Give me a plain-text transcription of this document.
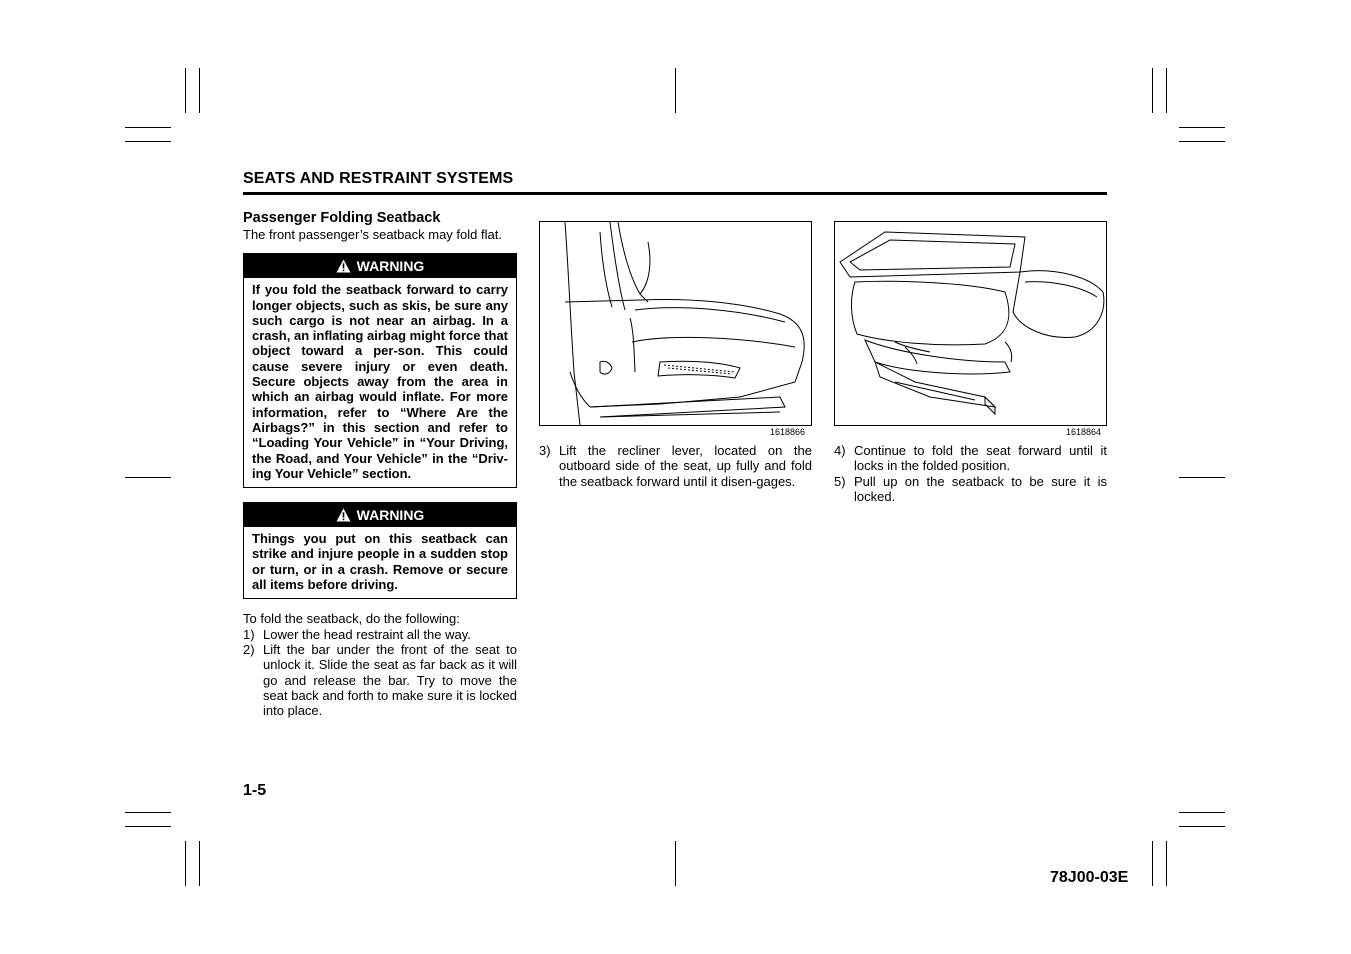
SEATS AND RESTRAINT SYSTEMS
Passenger Folding Seatback
The front passenger’s seatback may fold flat.
WARNING
If you fold the seatback forward to carry longer objects, such as skis, be sure any such cargo is not near an airbag. In a crash, an inflating airbag might force that object toward a per-son. This could cause severe injury or even death. Secure objects away from the area in which an airbag would inflate. For more information, refer to “Where Are the Airbags?” in this section and refer to “Loading Your Vehicle” in “Your Driving, the Road, and Your Vehicle” in the “Driv-ing Your Vehicle” section.
WARNING
Things you put on this seatback can strike and injure people in a sudden stop or turn, or in a crash. Remove or secure all items before driving.
To fold the seatback, do the following:
1) Lower the head restraint all the way.
2) Lift the bar under the front of the seat to unlock it. Slide the seat as far back as it will go and release the bar. Try to move the seat back and forth to make sure it is locked into place.
1618866	1618864
3) Lift the recliner lever, located on the outboard side of the seat, up fully and fold the seatback forward until it disen-gages.
4) Continue to fold the seat forward until it locks in the folded position.
5) Pull up on the seatback to be sure it is locked.
1-5
78J00-03E
